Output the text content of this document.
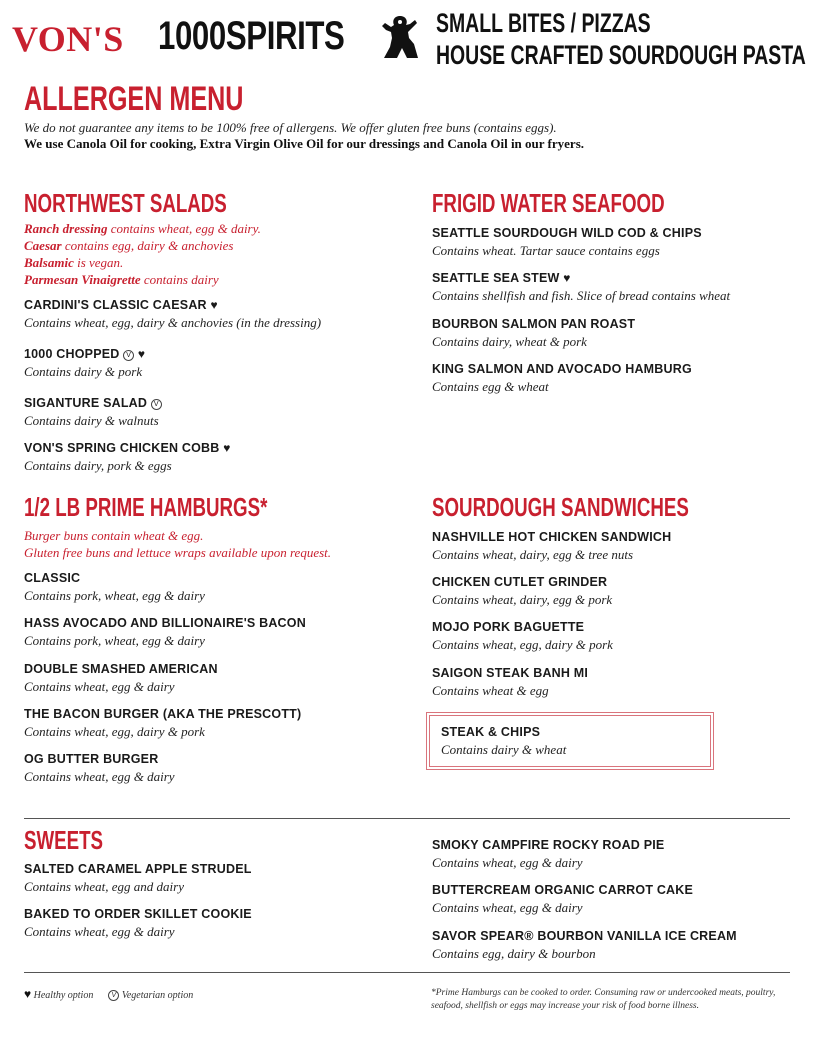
VON'S 1000SPIRITS	SMALL BITES / PIZZAS
HOUSE CRAFTED SOURDOUGH PASTA
ALLERGEN MENU
We do not guarantee any items to be 100% free of allergens. We offer gluten free buns (contains eggs).
We use Canola Oil for cooking, Extra Virgin Olive Oil for our dressings and Canola Oil in our fryers.
NORTHWEST SALADS
Ranch dressing contains wheat, egg & dairy.
Caesar contains egg, dairy & anchovies
Balsamic is vegan.
Parmesan Vinaigrette contains dairy
CARDINI'S CLASSIC CAESAR ♥
Contains wheat, egg, dairy & anchovies (in the dressing)
1000 CHOPPED V ♥
Contains dairy & pork
SIGANTURE SALAD V
Contains dairy & walnuts
VON'S SPRING CHICKEN COBB ♥
Contains dairy, pork & eggs
1/2 LB PRIME HAMBURGS*
Burger buns contain wheat & egg.
Gluten free buns and lettuce wraps available upon request.
CLASSIC
Contains pork, wheat, egg & dairy
HASS AVOCADO AND BILLIONAIRE'S BACON
Contains pork, wheat, egg & dairy
DOUBLE SMASHED AMERICAN
Contains wheat, egg & dairy
THE BACON BURGER (AKA THE PRESCOTT)
Contains wheat, egg, dairy & pork
OG BUTTER BURGER
Contains wheat, egg & dairy
FRIGID WATER SEAFOOD
SEATTLE SOURDOUGH WILD COD & CHIPS
Contains wheat. Tartar sauce contains eggs
SEATTLE SEA STEW ♥
Contains shellfish and fish. Slice of bread contains wheat
BOURBON SALMON PAN ROAST
Contains dairy, wheat & pork
KING SALMON AND AVOCADO HAMBURG
Contains egg & wheat
SOURDOUGH SANDWICHES
NASHVILLE HOT CHICKEN SANDWICH
Contains wheat, dairy, egg & tree nuts
CHICKEN CUTLET GRINDER
Contains wheat, dairy, egg & pork
MOJO PORK BAGUETTE
Contains wheat, egg, dairy & pork
SAIGON STEAK BANH MI
Contains wheat & egg
STEAK & CHIPS
Contains dairy & wheat
SWEETS
SALTED CARAMEL APPLE STRUDEL
Contains wheat, egg and dairy
BAKED TO ORDER SKILLET COOKIE
Contains wheat, egg & dairy
SMOKY CAMPFIRE ROCKY ROAD PIE
Contains wheat, egg & dairy
BUTTERCREAM ORGANIC CARROT CAKE
Contains wheat, egg & dairy
SAVOR SPEAR® BOURBON VANILLA ICE CREAM
Contains egg, dairy & bourbon
♥ Healthy option	V Vegetarian option	*Prime Hamburgs can be cooked to order. Consuming raw or undercooked meats, poultry, seafood, shellfish or eggs may increase your risk of food borne illness.
